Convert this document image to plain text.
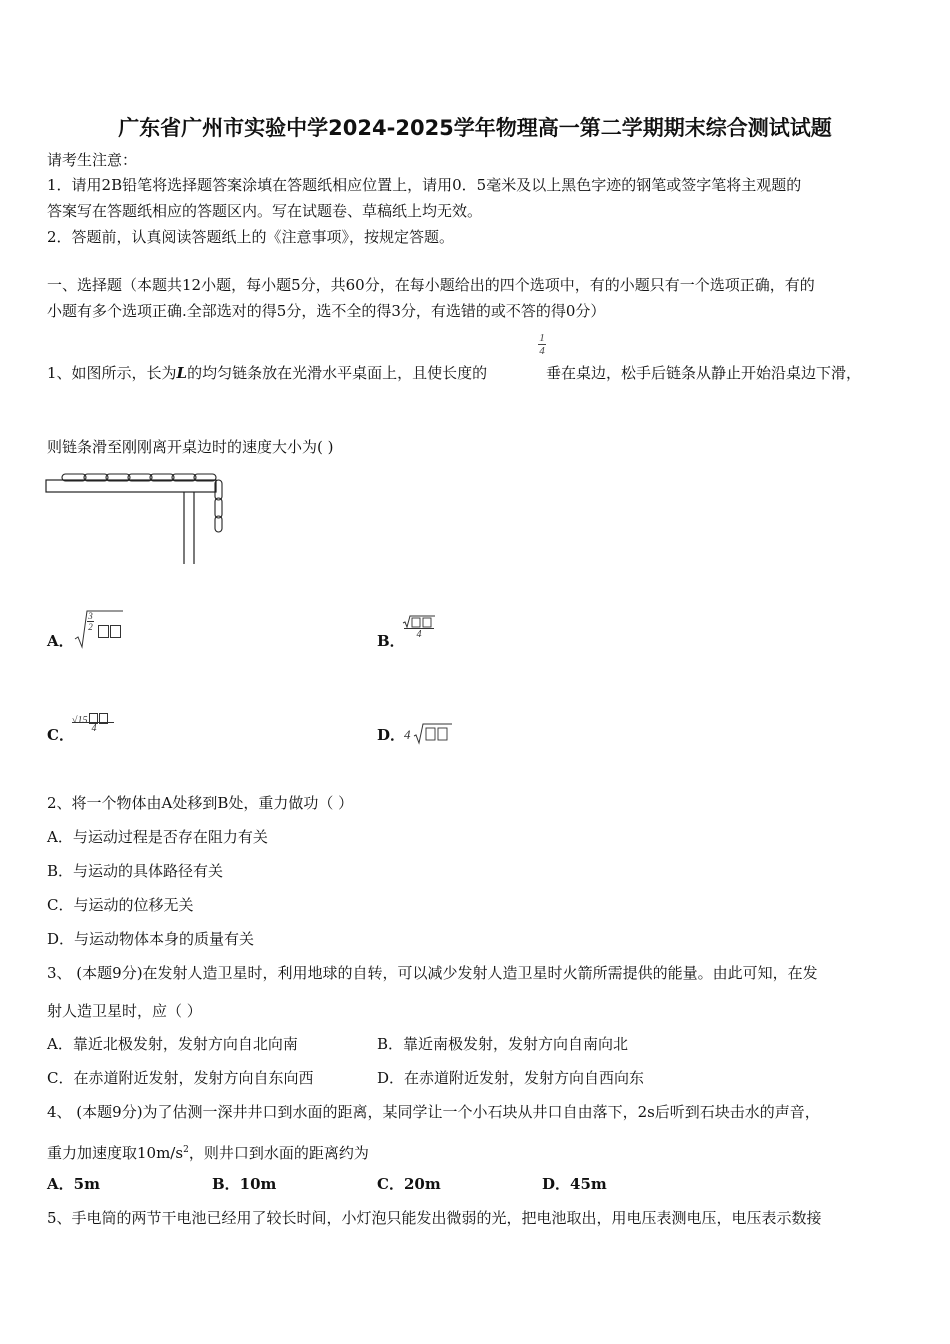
广东省广州市实验中学2024-2025学年物理高一第二学期期末综合测试试题
请考生注意：
1．请用2B铅笔将选择题答案涂填在答题纸相应位置上，请用0．5毫米及以上黑色字迹的钢笔或签字笔将主观题的
答案写在答题纸相应的答题区内。写在试题卷、草稿纸上均无效。
2．答题前，认真阅读答题纸上的《注意事项》，按规定答题。
一、选择题（本题共12小题，每小题5分，共60分，在每小题给出的四个选项中，有的小题只有一个选项正确，有的
小题有多个选项正确.全部选对的得5分，选不全的得3分，有选错的或不答的得0分）
$\frac{1}{4}$
1、如图所示，长为L的均匀链条放在光滑水平桌面上，且使长度的	垂在桌边，松手后链条从静止开始沿桌边下滑，
则链条滑至刚刚离开桌边时的速度大小为( )
A．
$\frac{3}{2}$
B．	4
C．
√15
4	D．
4
2、将一个物体由A处移到B处，重力做功（ ）
A．与运动过程是否存在阻力有关
B．与运动的具体路径有关
C．与运动的位移无关
D．与运动物体本身的质量有关
3、 (本题9分)在发射人造卫星时，利用地球的自转，可以减少发射人造卫星时火箭所需提供的能量。由此可知，在发
射人造卫星时，应（ ）
A．靠近北极发射，发射方向自北向南	B．靠近南极发射，发射方向自南向北
C．在赤道附近发射，发射方向自东向西	D．在赤道附近发射，发射方向自西向东
4、 (本题9分)为了估测一深井井口到水面的距离，某同学让一个小石块从井口自由落下，2s后听到石块击水的声音，
重力加速度取$10m/s^2$，则井口到水面的距离约为
A．5m	B．10m	C．20m	D．45m
5、手电筒的两节干电池已经用了较长时间，小灯泡只能发出微弱的光，把电池取出，用电压表测电压，电压表示数接
